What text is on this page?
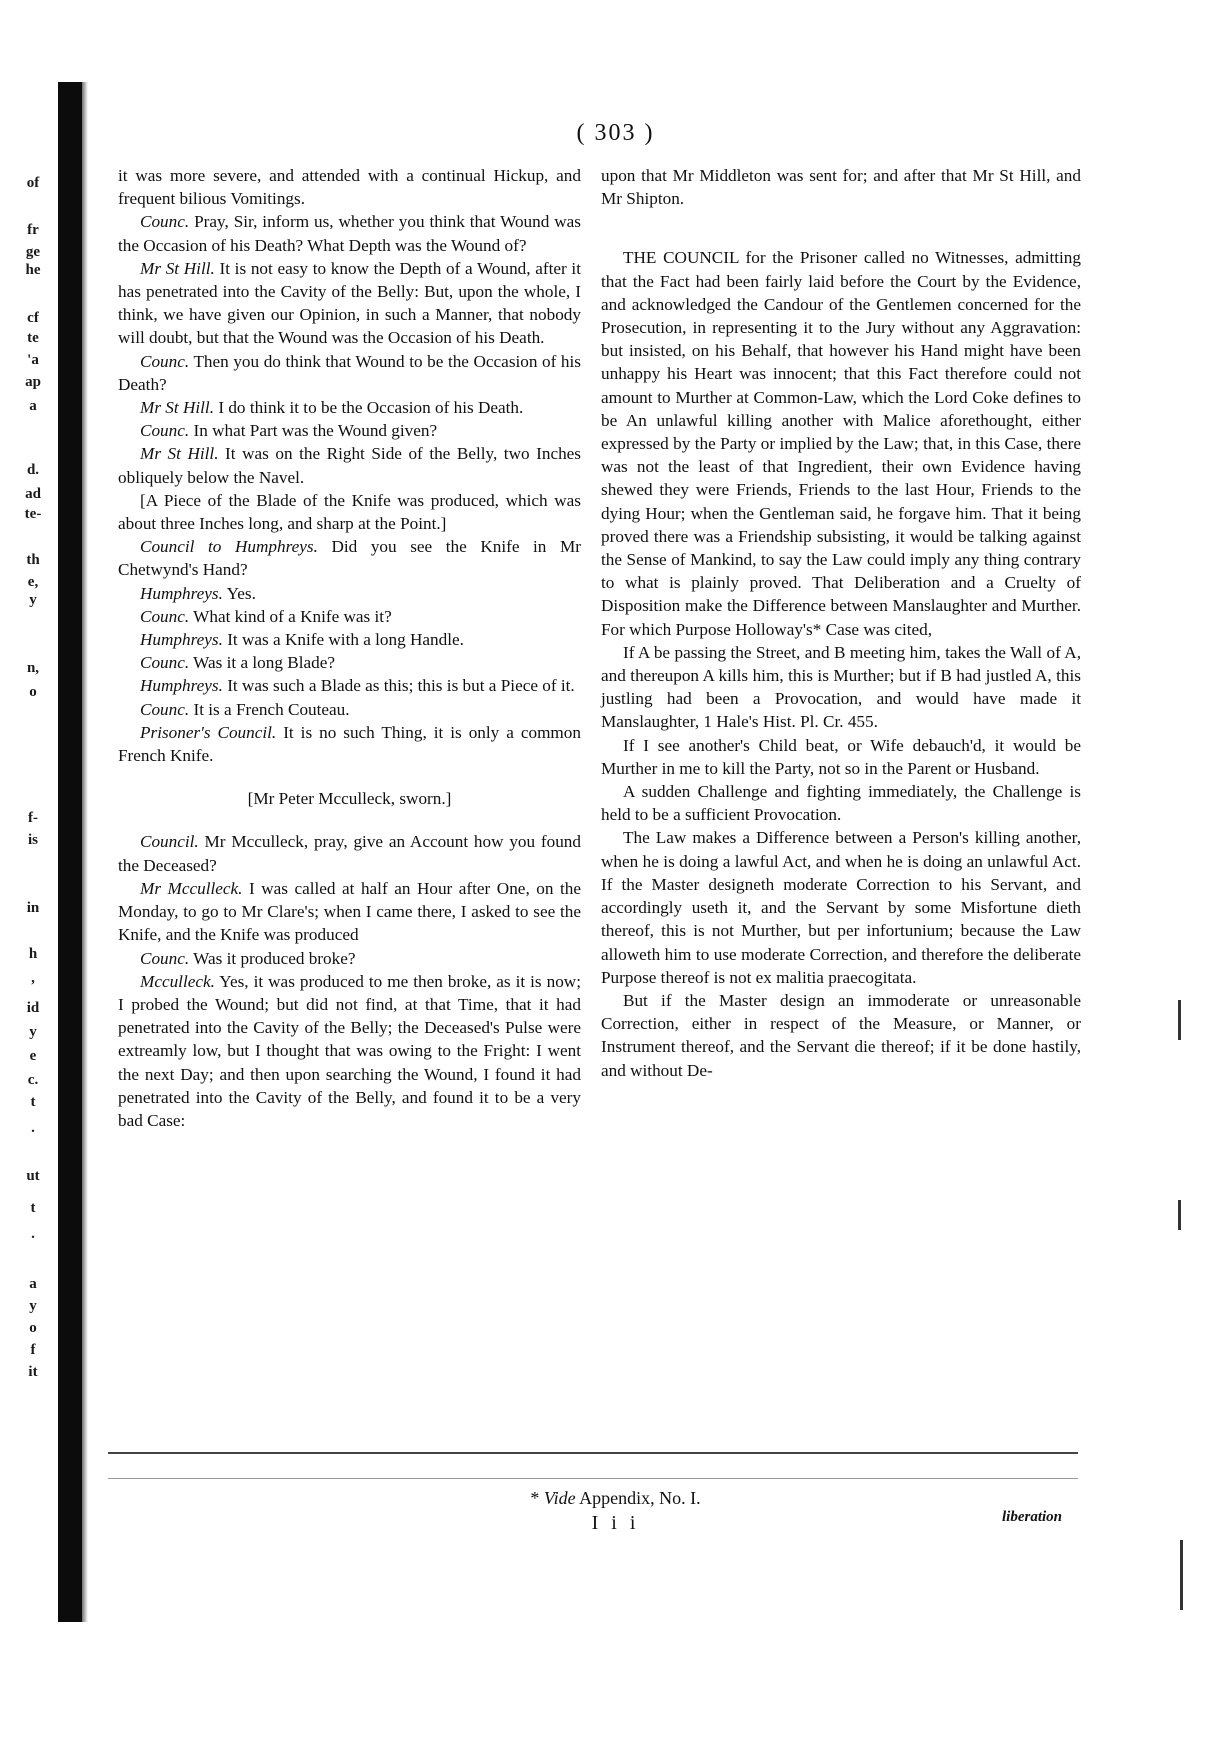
of
fr
ge
he
cf
te
'a
ap
a
d.
ad
te-
th
e,
y
n,
o
f-
is
in
h
,
id
y
e
c.
t
.
ut
t
.
a
y
o
f
it
( 303 )

it was more severe, and attended with a continual Hickup, and frequent bilious Vomitings.

Counc. Pray, Sir, inform us, whether you think that Wound was the Occasion of his Death? What Depth was the Wound of?

Mr St Hill. It is not easy to know the Depth of a Wound, after it has penetrated into the Cavity of the Belly: But, upon the whole, I think, we have given our Opinion, in such a Manner, that nobody will doubt, but that the Wound was the Occasion of his Death.

Counc. Then you do think that Wound to be the Occasion of his Death?

Mr St Hill. I do think it to be the Occasion of his Death.

Counc. In what Part was the Wound given?

Mr St Hill. It was on the Right Side of the Belly, two Inches obliquely below the Navel.

[A Piece of the Blade of the Knife was produced, which was about three Inches long, and sharp at the Point.]

Council to Humphreys. Did you see the Knife in Mr Chetwynd's Hand?

Humphreys. Yes.

Counc. What kind of a Knife was it?

Humphreys. It was a Knife with a long Handle.

Counc. Was it a long Blade?

Humphreys. It was such a Blade as this; this is but a Piece of it.

Counc. It is a French Couteau.

Prisoner's Council. It is no such Thing, it is only a common French Knife.

[Mr Peter Mcculleck, sworn.]

Council. Mr Mcculleck, pray, give an Account how you found the Deceased?

Mr Mcculleck. I was called at half an Hour after One, on the Monday, to go to Mr Clare's; when I came there, I asked to see the Knife, and the Knife was produced

Counc. Was it produced broke?

Mcculleck. Yes, it was produced to me then broke, as it is now; I probed the Wound; but did not find, at that Time, that it had penetrated into the Cavity of the Belly; the Deceased's Pulse were extreamly low, but I thought that was owing to the Fright: I went the next Day; and then upon searching the Wound, I found it had penetrated into the Cavity of the Belly, and found it to be a very bad Case:

upon that Mr Middleton was sent for; and after that Mr St Hill, and Mr Shipton.

THE COUNCIL for the Prisoner called no Witnesses, admitting that the Fact had been fairly laid before the Court by the Evidence, and acknowledged the Candour of the Gentlemen concerned for the Prosecution, in representing it to the Jury without any Aggravation: but insisted, on his Behalf, that however his Hand might have been unhappy his Heart was innocent; that this Fact therefore could not amount to Murther at Common-Law, which the Lord Coke defines to be An unlawful killing another with Malice aforethought, either expressed by the Party or implied by the Law; that, in this Case, there was not the least of that Ingredient, their own Evidence having shewed they were Friends, Friends to the last Hour, Friends to the dying Hour; when the Gentleman said, he forgave him. That it being proved there was a Friendship subsisting, it would be talking against the Sense of Mankind, to say the Law could imply any thing contrary to what is plainly proved. That Deliberation and a Cruelty of Disposition make the Difference between Manslaughter and Murther. For which Purpose Holloway's* Case was cited,

If A be passing the Street, and B meeting him, takes the Wall of A, and thereupon A kills him, this is Murther; but if B had justled A, this justling had been a Provocation, and would have made it Manslaughter, 1 Hale's Hist. Pl. Cr. 455.

If I see another's Child beat, or Wife debauch'd, it would be Murther in me to kill the Party, not so in the Parent or Husband.

A sudden Challenge and fighting immediately, the Challenge is held to be a sufficient Provocation.

The Law makes a Difference between a Person's killing another, when he is doing a lawful Act, and when he is doing an unlawful Act. If the Master designeth moderate Correction to his Servant, and accordingly useth it, and the Servant by some Misfortune dieth thereof, this is not Murther, but per infortunium; because the Law alloweth him to use moderate Correction, and therefore the deliberate Purpose thereof is not ex malitia praecogitata.

But if the Master design an immoderate or unreasonable Correction, either in respect of the Measure, or Manner, or Instrument thereof, and the Servant die thereof; if it be done hastily, and without De-

* Vide Appendix, No. I.
I i i	liberation
